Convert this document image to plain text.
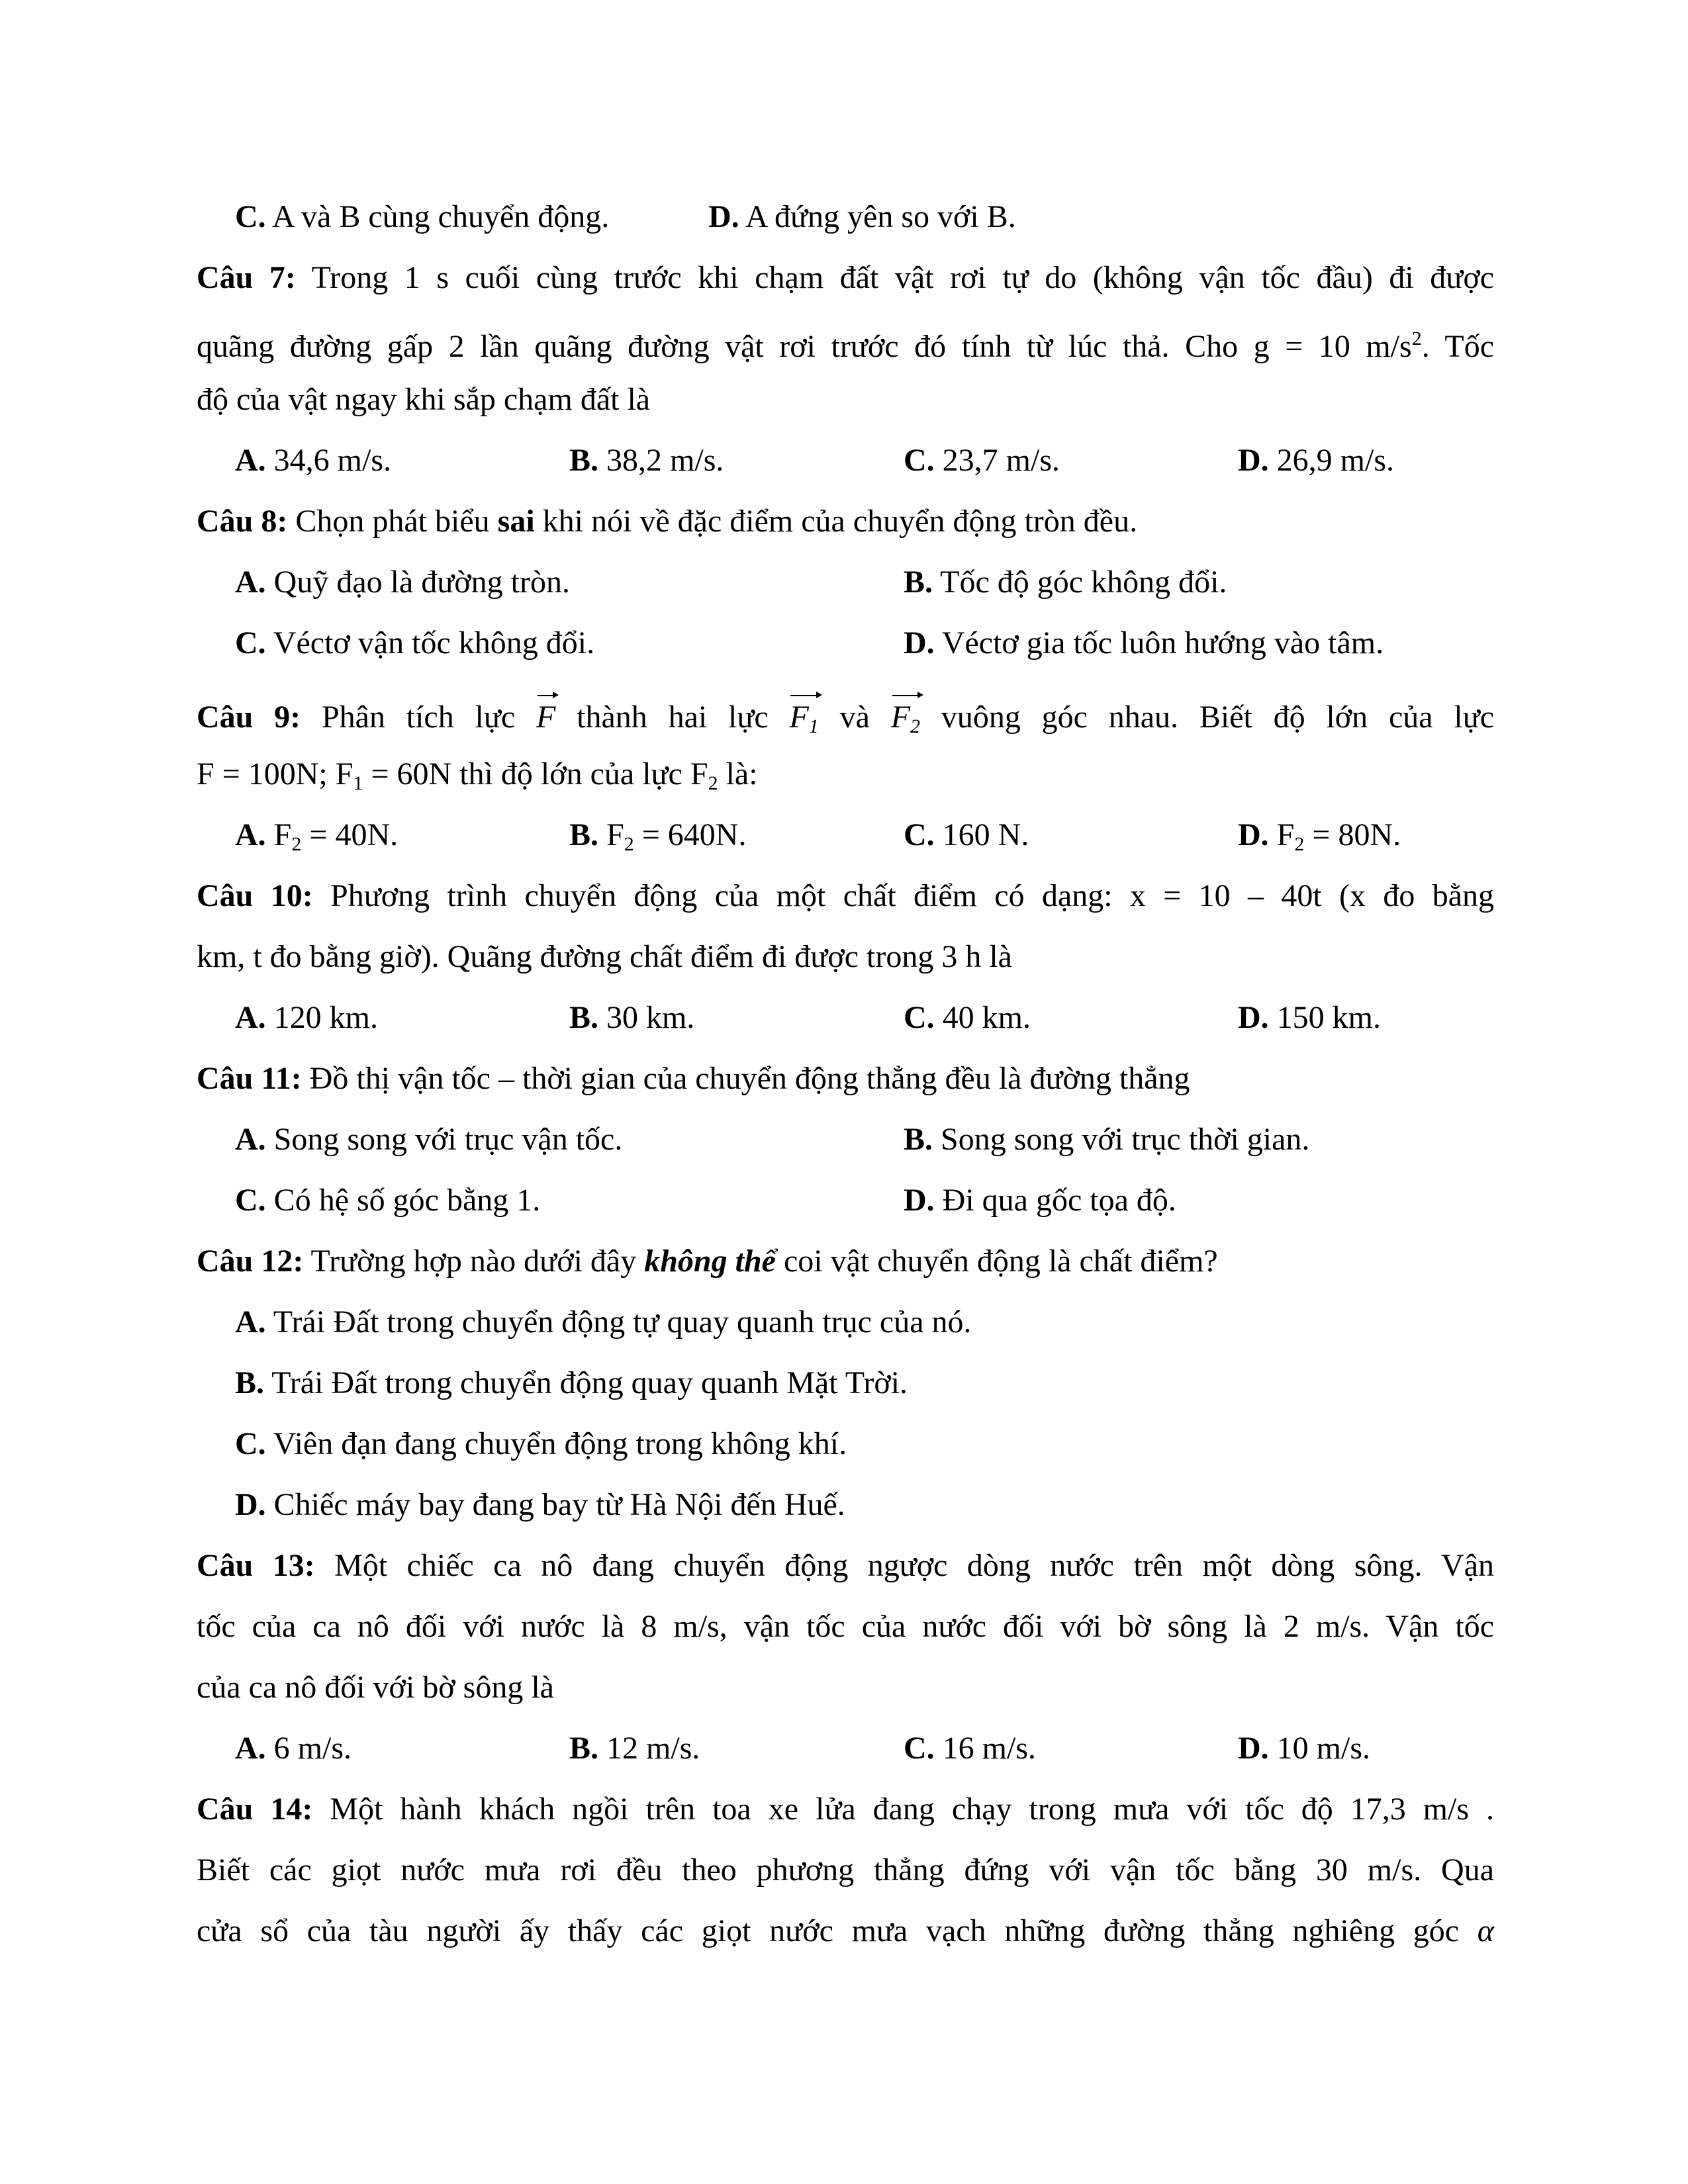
C. A và B cùng chuyển động.	D. A đứng yên so với B.
Câu 7: Trong 1 s cuối cùng trước khi chạm đất vật rơi tự do (không vận tốc đầu) đi được
quãng đường gấp 2 lần quãng đường vật rơi trước đó tính từ lúc thả. Cho g = 10 $m/s^2$. Tốc
độ của vật ngay khi sắp chạm đất là
A. 34,6 m/s.	B. 38,2 m/s.	C. 23,7 m/s.	D. 26,9 m/s.
Câu 8: Chọn phát biểu sai khi nói về đặc điểm của chuyển động tròn đều.
A. Quỹ đạo là đường tròn.	B. Tốc độ góc không đổi.
C. Véctơ vận tốc không đổi.	D. Véctơ gia tốc luôn hướng vào tâm.
Câu 9: Phân tích lực F thành hai lực $F_1$ và $F_2$ vuông góc nhau. Biết độ lớn của lực
F = 100N; $F_1 = 60N$ thì độ lớn của lực $F_2$ là:
A. $F_2 = 40N$.	B. $F_2 = 640N$.	C. 160 N.	D. $F_2 = 80N$.
Câu 10: Phương trình chuyển động của một chất điểm có dạng: x = 10 – 40t (x đo bằng
km, t đo bằng giờ). Quãng đường chất điểm đi được trong 3 h là
A. 120 km.	B. 30 km.	C. 40 km.	D. 150 km.
Câu 11: Đồ thị vận tốc – thời gian của chuyển động thẳng đều là đường thẳng
A. Song song với trục vận tốc.	B. Song song với trục thời gian.
C. Có hệ số góc bằng 1.	D. Đi qua gốc tọa độ.
Câu 12: Trường hợp nào dưới đây không thể coi vật chuyển động là chất điểm?
A. Trái Đất trong chuyển động tự quay quanh trục của nó.
B. Trái Đất trong chuyển động quay quanh Mặt Trời.
C. Viên đạn đang chuyển động trong không khí.
D. Chiếc máy bay đang bay từ Hà Nội đến Huế.
Câu 13: Một chiếc ca nô đang chuyển động ngược dòng nước trên một dòng sông. Vận
tốc của ca nô đối với nước là 8 m/s, vận tốc của nước đối với bờ sông là 2 m/s. Vận tốc
của ca nô đối với bờ sông là
A. 6 m/s.	B. 12 m/s.	C. 16 m/s.	D. 10 m/s.
Câu 14: Một hành khách ngồi trên toa xe lửa đang chạy trong mưa với tốc độ 17,3 m/s .
Biết các giọt nước mưa rơi đều theo phương thẳng đứng với vận tốc bằng 30 m/s. Qua
cửa sổ của tàu người ấy thấy các giọt nước mưa vạch những đường thẳng nghiêng góc α
